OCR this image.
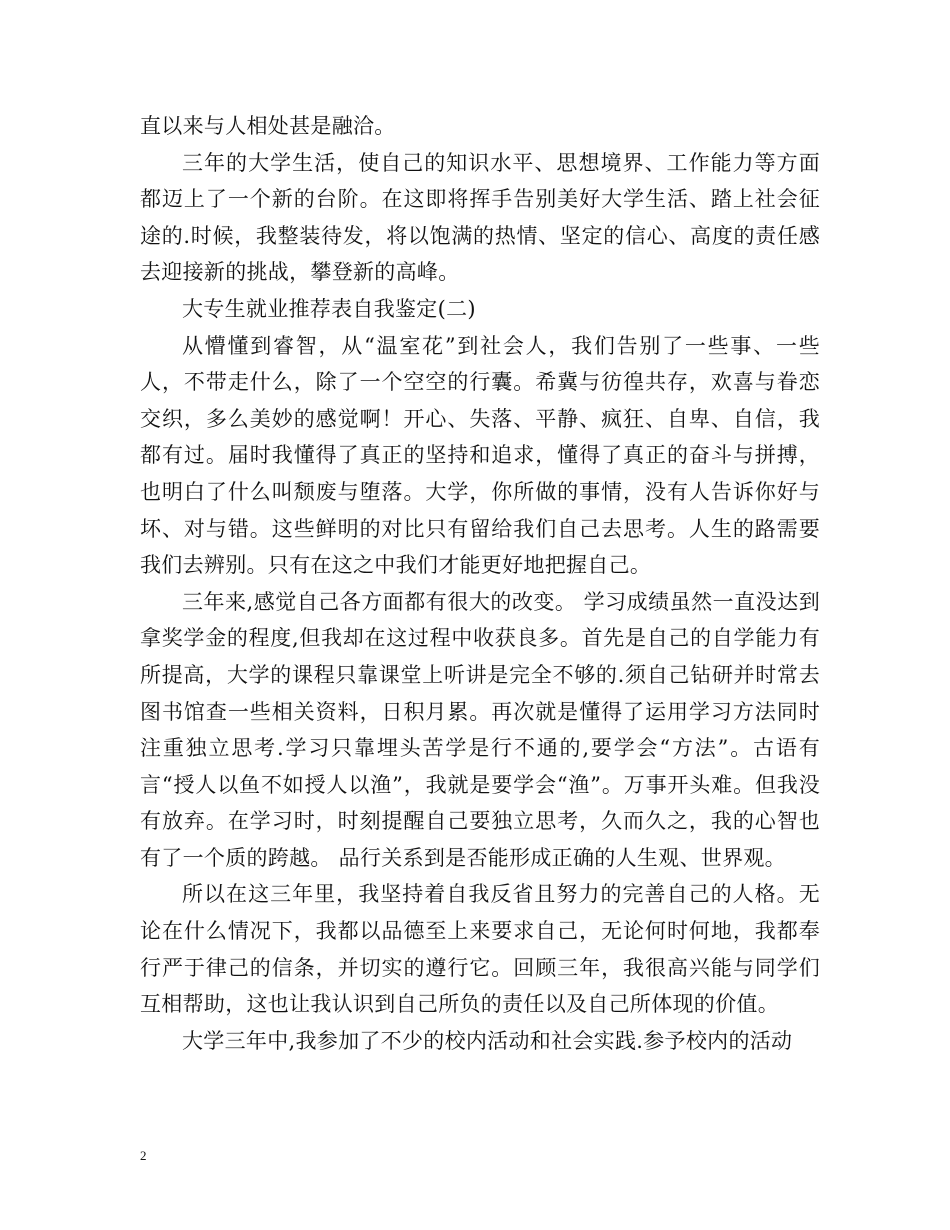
直以来与人相处甚是融洽。

三年的大学生活，使自己的知识水平、思想境界、工作能力等方面都迈上了一个新的台阶。在这即将挥手告别美好大学生活、踏上社会征途的.时候，我整装待发，将以饱满的热情、坚定的信心、高度的责任感去迎接新的挑战，攀登新的高峰。

大专生就业推荐表自我鉴定(二)

从懵懂到睿智，从“温室花”到社会人，我们告别了一些事、一些人，不带走什么，除了一个空空的行囊。希冀与彷徨共存，欢喜与眷恋交织，多么美妙的感觉啊！开心、失落、平静、疯狂、自卑、自信，我都有过。届时我懂得了真正的坚持和追求，懂得了真正的奋斗与拼搏，也明白了什么叫颓废与堕落。大学，你所做的事情，没有人告诉你好与坏、对与错。这些鲜明的对比只有留给我们自己去思考。人生的路需要我们去辨别。只有在这之中我们才能更好地把握自己。

三年来,感觉自己各方面都有很大的改变。 学习成绩虽然一直没达到拿奖学金的程度,但我却在这过程中收获良多。首先是自己的自学能力有所提高，大学的课程只靠课堂上听讲是完全不够的.须自己钻研并时常去图书馆查一些相关资料，日积月累。再次就是懂得了运用学习方法同时注重独立思考.学习只靠埋头苦学是行不通的,要学会“方法”。古语有言“授人以鱼不如授人以渔”，我就是要学会“渔”。万事开头难。但我没有放弃。在学习时，时刻提醒自己要独立思考，久而久之，我的心智也有了一个质的跨越。 品行关系到是否能形成正确的人生观、世界观。

所以在这三年里，我坚持着自我反省且努力的完善自己的人格。无论在什么情况下，我都以品德至上来要求自己，无论何时何地，我都奉行严于律己的信条，并切实的遵行它。回顾三年，我很高兴能与同学们互相帮助，这也让我认识到自己所负的责任以及自己所体现的价值。

大学三年中,我参加了不少的校内活动和社会实践.参予校内的活动

2
